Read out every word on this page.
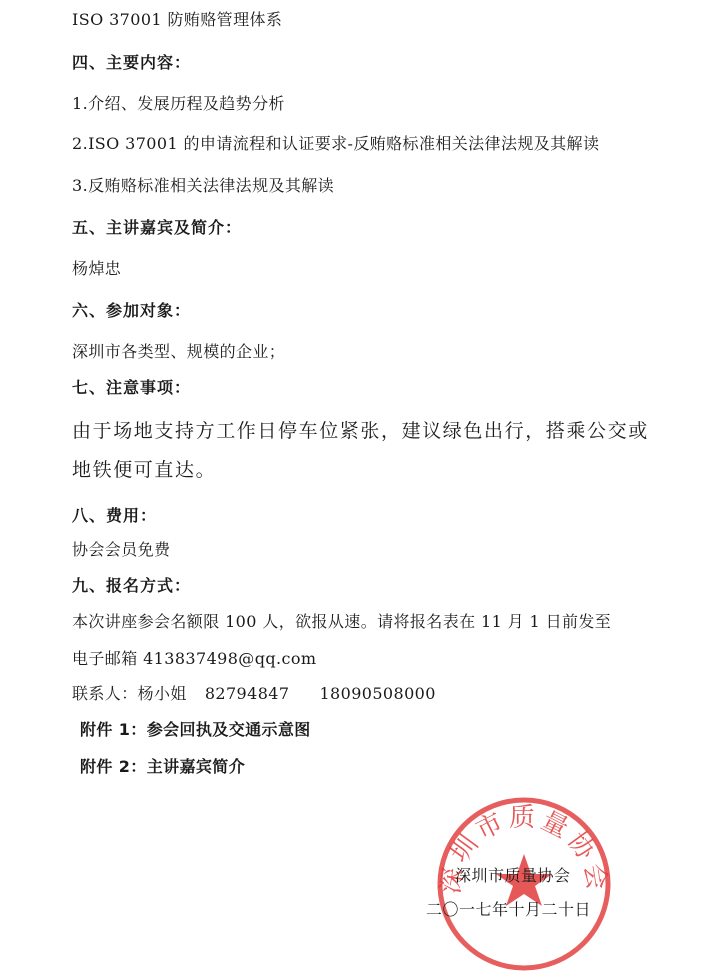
ISO 37001 防贿赂管理体系
四、主要内容：
1.介绍、发展历程及趋势分析
2.ISO 37001 的申请流程和认证要求-反贿赂标准相关法律法规及其解读
3.反贿赂标准相关法律法规及其解读
五、主讲嘉宾及简介：
杨焯忠
六、参加对象：
深圳市各类型、规模的企业；
七、注意事项：
由于场地支持方工作日停车位紧张，建议绿色出行，搭乘公交或
地铁便可直达。
八、费用：
协会会员免费
九、报名方式：
本次讲座参会名额限 100 人，欲报从速。请将报名表在 11 月 1 日前发至
电子邮箱 413837498@qq.com
联系人：杨小姐 82794847 18090508000
附件 1：参会回执及交通示意图
附件 2：主讲嘉宾简介
深圳市质量协会
深圳市质量协会
二〇一七年十月二十日
